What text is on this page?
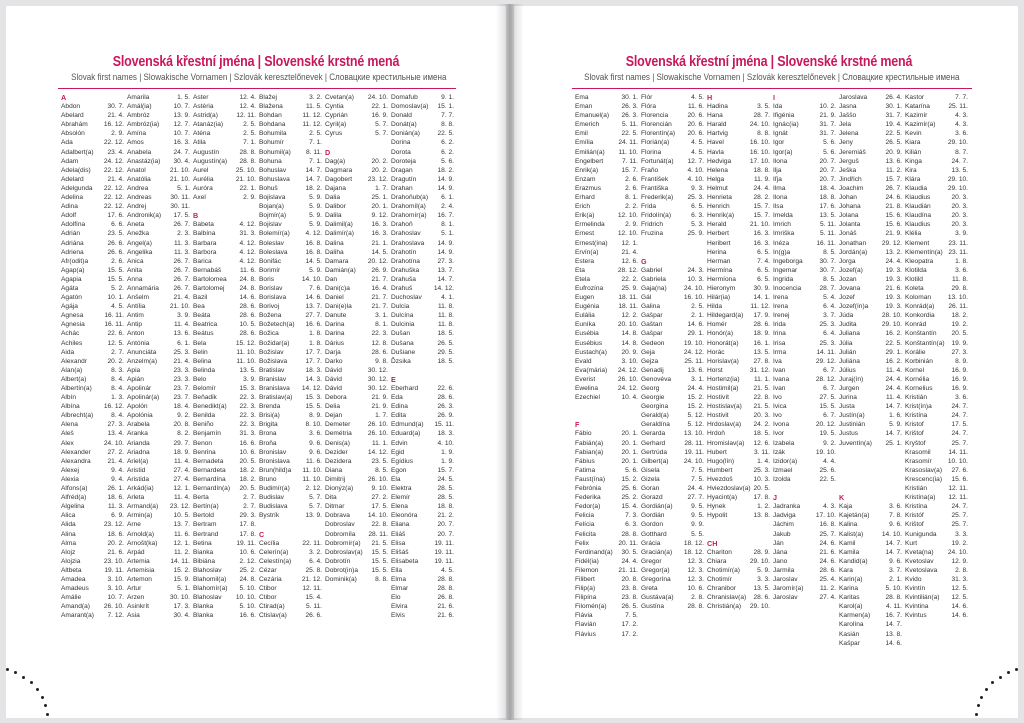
Slovenská křestní jména | Slovenské krstné mená
Slovak first names | Slowakische Vornamen | Szlovák keresztelőnevek | Словацкие крестильные имена
A
Abdon	30. 7.
Abelard	21. 4.
Abrahám	16. 12.
Absolón	2. 9.
Ada	22. 12.
Adalbert(a)	23. 4.
Adam	24. 12.
Adela(dis)	22. 12.
Adelard	21. 4.
Adelgunda	22. 12.
Adelina	22. 12.
Adina	22. 12.
Adolf	17. 6.
Adolfína	6. 6.
Adrián	23. 5.
Adriána	26. 6.
Adriena	26. 6.
Afr(odit)a	2. 6.
Agap(a)	15. 5.
Agapia	15. 5.
Agáta	5. 2.
Agatón	10. 1.
Agája	4. 5.
Agnesa	16. 11.
Agnesia	16. 11.
Achác	22. 6.
Achiles	12. 5.
Aida	2. 7.
Alexandr	20. 2.
Alan(a)	8. 3.
Albert(a)	8. 4.
Albertín(a)	8. 4.
Albín	1. 3.
Albína	16. 12.
Albrecht(a)	8. 4.
Alena	27. 3.
Aleš	13. 4.
Alex	24. 10.
Alexander	27. 2.
Alexandra	21. 4.
Alexej	9. 4.
Alexia	9. 4.
Alfons(a)	26. 1.
Alfréd(a)	18. 6.
Algelina	11. 3.
Alica	6. 9.
Alida	23. 12.
Alina	18. 6.
Alma	20. 2.
Alojz	21. 6.
Alojzia	23. 10.
Altbeta	19. 11.
Amadea	3. 10.
Amadeus	3. 10.
Amálie	10. 7.
Amand(a)	26. 10.
Amarant(a)	7. 12.
Amarila	1. 5.
Amál(ia)	10. 7.
Ambróz	13. 9.
Ambróz(ia)	12. 7.
Amína	10. 7.
Amos	16. 3.
Anabela	24. 7.
Anastáz(ia)	30. 4.
Anatol	21. 10.
Anatólia	21. 10.
Andrea	5. 1.
Andreas	30. 11.
Andrej	30. 11.
Andronik(a)	17. 5.
Aneta	26. 7.
Anežka	2. 3.
Angel(a)	11. 3.
Angelika	11. 3.
Anica	26. 7.
Anita	26. 7.
Anna	26. 7.
Annamária	26. 7.
Anšelm	21. 4.
Antília	21. 10.
Antim	3. 9.
Antip	11. 4.
Anton	13. 6.
Antónia	6. 1.
Anunciáta	25. 3.
Anzelm(a)	21. 4.
Apia	23. 3.
Apián	23. 3.
Apolinár	23. 7.
Apolinár(a)	23. 7.
Apolón	18. 4.
Apolónia	9. 2.
Arabela	20. 8.
Aranka	8. 2.
Arianda	29. 7.
Ariadna	18. 9.
Ariel(a)	11. 4.
Aristid	27. 4.
Aristida	27. 4.
Arkád(ia)	12. 1.
Arleta	11. 4.
Armand(a)	23. 12.
Armin(a)	10. 5.
Arne	13. 7.
Arnold(a)	11. 6.
Arnošt(ka)	12. 1.
Arpád	11. 2.
Artemia	14. 11.
Artemisia	15. 2.
Artemon	15. 9.
Artur	5. 1.
Arzen	30. 10.
Asinkrít	17. 3.
Asia	30. 4.
Aster	12. 4.
Astéria	12. 4.
Astrid(a)	12. 11.
Atanáz(ia)	2. 5.
Aténa	2. 5.
Atila	7. 1.
Augustín	28. 8.
Augustín(a)	28. 8.
Aurel	25. 10.
Aurélia	21. 10.
Auróra	22. 1.
Axel	2. 9.
B
Babeta	4. 12.
Balbína	31. 3.
Barbara	4. 12.
Barbora	4. 12.
Barica	4. 12.
Bernabáš	11. 6.
Bartolomea	24. 8.
Bartolomej	24. 8.
Bazil	14. 6.
Bea	28. 6.
Beáta	28. 6.
Beatrica	10. 5.
Beátus	28. 6.
Bela	15. 12.
Belin	11. 10.
Belina	11. 10.
Belinda	13. 5.
Belo	3. 9.
Belomír	15. 3.
Beňadik	22. 3.
Benedikt(a)	22. 3.
Benilda	22. 3.
Beniño	22. 3.
Benjamín	31. 3.
Benon	16. 6.
Benrina	10. 6.
Bernadeta	20. 5.
Bernardeta	18. 2.
Bernardína	18. 2.
Bernardín(a)	20. 5.
Berta	2. 7.
Bertín(a)	2. 7.
Bertold	29. 3.
Bertram	17. 8.
Bertrand	17. 8.
Betina	19. 11.
Bianka	10. 6.
Bibiána	2. 12.
Blahoslav	25. 2.
Blahomil(a)	24. 8.
Blahomír(a)	5. 10.
Blahoslav	10. 10.
Blanka	5. 10.
Blanka	16. 6.
Blažej	3. 2.
Blažena	11. 5.
Bohdan	11. 12.
Bohdana	11. 12.
Bohumila	2. 5.
Bohumír	7. 1.
Bohumil(a)	8. 11.
Bohuna	7. 1.
Bohuslav	14. 7.
Bohuslava	14. 7.
Bohuš	18. 2.
Bojislava	5. 9.
Bojan(a)	5. 9.
Bojmír(a)	5. 9.
Bojislav	5. 9.
Bolemír(a)	4. 12.
Boleslav	16. 8.
Boleslava	16. 8.
Bonifác	14. 5.
Borimír	5. 9.
Boris	14. 10.
Borislav	7. 6.
Borislava	14. 6.
Borivoj	13. 7.
Božena	27. 7.
Božetech(a)	16. 6.
Božica	1. 8.
Božidar(a)	1. 8.
Božislav	17. 7.
Božislava	17. 7.
Bratislav	18. 3.
Branislav	14. 3.
Branislava	14. 12.
Bratislav(a)	15. 3.
Brenda	15. 5.
Brisi(a)	8. 9.
Brigita	8. 10.
Brona	3. 6.
Broňa	9. 6.
Bronislav	9. 6.
Bronislava	11. 6.
Brun(hild)a	11. 10.
Bruno	11. 10.
Budimír(a)	2. 12.
Budislav	5. 7.
Budislava	5. 7.
Bystrík	13. 9.
C
Cecília	22. 11.
Celerín(a)	3. 2.
Celestín(a)	6. 4.
Cézar	25. 8.
Cezária	21. 12.
Ctibor	12. 11.
Ctibor	15. 4.
Ctirad(a)	5. 11.
Ctislav(a)	26. 6.
Cvetan(a)	24. 10.
Cyntia	22. 1.
Cyprián	16. 9.
Cyril(a)	5. 7.
Cyrus	5. 7.
D
Dag(a)	20. 2.
Dagmara	20. 2.
Dagobert	23. 12.
Dajana	1. 7.
Dalia	25. 1.
Dalibor	20. 1.
Dalila	9. 12.
Dalimil(a)	16. 3.
Dalimír(a)	16. 3.
Dalina	21. 1.
Daliha	14. 5.
Damara	20. 12.
Damián(a)	26. 9.
Dan	21. 7.
Dani(c)a	16. 4.
Daniel	21. 7.
Dani(e)la	21. 7.
Danute	3. 1.
Darina	8. 1.
Darina	22. 3.
Dárius	12. 8.
Darja	28. 6.
Darko	9. 8.
Dávid	30. 12.
Dávid	30. 12.
Dávid	30. 12.
Debora	21. 9.
Delia	21. 9.
Dejan	1. 7.
Demeter	26. 10.
Demétria	26. 10.
Denis(a)	11. 1.
Dezider	14. 12.
Dezidera	23. 5.
Diana	8. 5.
Dimitrij	26. 10.
Dionýz(a)	9. 10.
Dita	27. 2.
Ditmar	17. 5.
Dobrava	14. 10.
Dobroslav	22. 8.
Dobromíla	28. 11.
Dobromír(a)	21. 5.
Dobroslav(a)	15. 5.
Dobrotín	15. 5.
Dobrot(in)a	15. 5.
Dominik(a)	8. 8.
Domafub	9. 1.
Domoslav(a)	15. 1.
Donald	7. 7.
Donát(a)	8. 8.
Donián(a)	22. 5.
Dorina	6. 2.
Dorota	6. 2.
Doroteja	5. 6.
Dragan	18. 2.
Dragutín	14. 9.
Drahan	14. 9.
Drahoňub(a)	6. 1.
Drahomíl(a)	2. 4.
Drahomír(a)	16. 7.
Drahoň	8. 1.
Drahoslav	5. 1.
Drahoslava	14. 9.
Drahotín	14. 9.
Drahotína	27. 3.
Drahuška	13. 7.
Drahuša	14. 7.
Drahuš	14. 12.
Duchoslav	4. 1.
Dulcia	11. 8.
Dulcína	11. 8.
Dulcinia	11. 8.
Dušan	18. 5.
Dušana	26. 5.
Dušiane	29. 5.
Ďzsika	18. 5.
E
Eberhard	22. 6.
Eda	28. 6.
Edina	26. 3.
Edita	26. 9.
Edmund(a)	15. 11.
Eduard(a)	18. 3.
Edvin	4. 10.
Egid	1. 9.
Egídius	1. 9.
Egon	15. 7.
Ela	24. 5.
Elektra	28. 5.
Elemír	28. 5.
Elena	18. 8.
Eleonóra	21. 2.
Eliana	20. 7.
Eliáš	20. 7.
Elisa	19. 11.
Elišáš	19. 11.
Elisabeta	19. 11.
Ella	4. 5.
Elma	28. 8.
Elmar	28. 8.
Elo	26. 8.
Elvira	21. 6.
Elvis	21. 6.
Slovenská křestní jména | Slovenské krstné mená
Slovak first names | Slowakische Vornamen | Szlovák keresztelőnevek | Словацкие крестильные имена
Ema	30. 1.
Eman	26. 3.
Emanuel(a)	26. 3.
Emerich	5. 11.
Emil	22. 5.
Emília	24. 11.
Emilián(a)	11. 10.
Engelbert	7. 11.
Enrik(a)	15. 7.
Enzam	2. 6.
Erazmus	2. 6.
Erhard	8. 1.
Erich	2. 2.
Erik(a)	12. 10.
Ermelinda	2. 9.
Ernest	12. 10.
Ernest(ína)	12. 1.
Ervín(a)	21. 4.
Estera	12. 6.
Eta	28. 12.
Etela	22. 2.
Eufrozína	25. 9.
Eugen	18. 11.
Eugénia	18. 11.
Eulália	12. 2.
Euníka	20. 10.
Eusébia	14. 8.
Eusébius	14. 8.
Eustach(a)	20. 9.
Evald	3. 10.
Eva(mária)	24. 12.
Everist	26. 10.
Ewelina	24. 12.
Ezechiel	10. 4.
F
Fábio	20. 1.
Fabián(a)	20. 1.
Fabian(a)	20. 1.
Fábius	20. 1.
Fatima	5. 6.
Faust(ína)	15. 2.
Febrónia	25. 6.
Federika	25. 2.
Fedor(a)	15. 4.
Felicia	7. 3.
Felícia	6. 3.
Felicita	28. 8.
Felix	20. 11.
Ferdinand(a)	30. 5.
Fidél(ia)	24. 4.
Filemon	21. 11.
Filibert	20. 8.
Filip(a)	23. 8.
Filipína	23. 8.
Filomén(a)	26. 5.
Flávia	7. 5.
Flavián	17. 2.
Flávius	17. 2.
Flór	4. 5.
Flóra	11. 6.
Florencia	20. 6.
Florencián	20. 6.
Florentín(a)	20. 6.
Florián(a)	4. 5.
Florina	4. 5.
Fortunát(a)	12. 7.
Fraňo	4. 10.
František	4. 10.
Františka	9. 3.
Frederik(a)	25. 3.
Frida	6. 5.
Fridolín(a)	6. 3.
Fridrich	5. 3.
Fruzina	25. 9.
G
Gabriel	24. 3.
Gabriela	10. 3.
Gaja(na)	24. 10.
Gál	16. 10.
Galina	2. 5.
Gašpar	2. 1.
Gaštan	14. 6.
Gašpar	29. 1.
Gedeon	19. 10.
Geja	24. 12.
Gejza	25. 11.
Genadij	13. 6.
Genovéva	3. 1.
Georg	24. 4.
Georgie	15. 2.
Georgina	15. 2.
Gerald(a)	5. 12.
Geraldína	5. 12.
Gerarda	13. 10.
Gerhard	28. 11.
Gertrúda	19. 11.
Gilbert(a)	24. 10.
Gisela	7. 5.
Gizela	7. 5.
Goran	24. 4.
Gorazd	27. 7.
Gordián(a)	9. 5.
Gordián	9. 5.
Gordon	9. 9.
Gotthard	5. 5.
Grácia	18. 12.
Gracián(a)	18. 12.
Gregor	12. 3.
Gregor(a)	12. 3.
Gregorína	12. 3.
Greta	10. 6.
Gustáva(a)	2. 8.
Gustína	28. 8.
H
Hadina	3. 5.
Hana	28. 7.
Harald	24. 10.
Hartvig	8. 8.
Havel	16. 10.
Havla	16. 10.
Hedviga	17. 10.
Helena	18. 8.
Helga	11. 9.
Helmut	24. 4.
Henrieta	28. 2.
Henrich	15. 7.
Henrik(a)	15. 7.
Herald	21. 10.
Herbert	16. 3.
Heribert	16. 3.
Herina	6. 5.
Herman	7. 4.
Hermína	6. 5.
Hermíona	6. 5.
Hieronym	30. 9.
Hilár(ia)	14. 1.
Hilda	11. 12.
Hildegard(a)	17. 9.
Homér	28. 6.
Honór(a)	18. 9.
Honorát(a)	16. 1.
Horác	13. 5.
Horislav(a)	27. 8.
Horst	31. 12.
Hortenz(ia)	11. 1.
Hostimil(a)	21. 5.
Hostivít	22. 8.
Hostislav(a)	21. 5.
Hostivit	20. 3.
Hrdoslav(a)	24. 2.
Hrdoň	18. 5.
Hromislav(a)	12. 6.
Hubert	3. 11.
Hugo(lín)	1. 4.
Humbert	25. 3.
Hvezdoš	10. 3.
Hviezdoslav(a) 20. 5.
Hyacint(a)	17. 8.
Hynek	1. 2.
Hypolit	13. 8.
CH
Chariton	28. 9.
Chiara	29. 10.
Chotimír(a)	5. 9.
Chotimír	3. 3.
Chranibor	13. 5.
Chranislav(a)	28. 6.
Christián(a)	29. 10.
I
Ida	10. 2.
Ifigénia	21. 9.
Ignác(ia)	31. 7.
Ignát	31. 7.
Igor	5. 6.
Igor(a)	5. 6.
Ilona	20. 7.
Ilja	20. 7.
Iľja	20. 7.
Ilma	18. 4.
Ilona	18. 8.
Ilsa	17. 6.
Imelda	13. 5.
Imrich	5. 11.
Imriška	5. 11.
Inéza	16. 11.
In(g)a	8. 5.
Ingeborga	30. 7.
Ingemar	30. 7.
Ingrida	8. 5.
Inocencia	28. 7.
Irena	5. 4.
Irena	6. 4.
Irenej	3. 7.
Irida	25. 3.
Irina	6. 4.
Irisa	25. 3.
Irma	14. 11.
Iva	29. 12.
Ivan	6. 7.
Ivana	28. 12.
Ivan	6. 7.
Ivo	27. 5.
Ivica	15. 5.
Ivo	6. 7.
Ivona	20. 12.
Ivor	19. 5.
Izabela	9. 2.
Izák	19. 10.
Izidor(a)	4. 4.
Izmael	25. 6.
Izolda	22. 5.
J
Jadranka	4. 3.
Jadviga	17. 10.
Jáchim	16. 8.
Jakub	25. 7.
Ján	24. 6.
Jána	21. 6.
Jano	24. 6.
Jarmila	28. 6.
Jaroslav	25. 4.
Jaromír(a)	11. 2.
Jaroslav	27. 4.
Jaroslava	26. 4.
Jasna	30. 1.
Jaššo	31. 7.
Jela	19. 4.
Jelena	22. 5.
Jeny	26. 5.
Jeremiáš	20. 9.
Jerguš	13. 6.
Ješka	11. 2.
Jindřich	15. 7.
Joachim	26. 7.
Johan	24. 6.
Johana	21. 8.
Jolana	15. 6.
Jolanta	15. 6.
Jonáš	21. 9.
Jonathan	29. 12.
Jordán(a)	13. 2.
Jorga	24. 4.
Jozef(a)	19. 3.
Jozan	19. 3.
Jovana	21. 6.
Jozef	19. 3.
Jozef(ín)a	19. 3.
Júda	28. 10.
Judita	29. 10.
Juliana	16. 2.
Júlia	22. 5.
Julián	29. 1.
Juliána	16. 2.
Július	11. 4.
Juraj(ín)	24. 4.
Jurgen	24. 4.
Jurina	11. 4.
Justa	14. 7.
Justín(a)	1. 6.
Justinián	5. 9.
Justus	14. 7.
Juventín(a)	25. 1.
K
Kaja	3. 6.
Kajetán(a)	7. 8.
Kalina	9. 6.
Kalist(a)	14. 10.
Kamil	14. 7.
Kamila	14. 7.
Kandid(a)	9. 6.
Kara	3. 7.
Karin(a)	2. 1.
Karina	5. 10.
Karitas	28. 8.
Karol(a)	4. 11.
Karmen(a)	16. 7.
Karolína	14. 7.
Kasián	13. 8.
Kašpar	14. 6.
Kastor	7. 7.
Katarína	25. 11.
Kazimír	4. 3.
Kazimír(a)	4. 3.
Kevin	3. 6.
Kiara	29. 10.
Kilián	8. 7.
Kinga	24. 7.
Kira	13. 5.
Klára	29. 10.
Klaudia	29. 10.
Klaudius	20. 3.
Klaudián	20. 3.
Klaudína	20. 3.
Klaudius	20. 3.
Klélia	3. 9.
Klement	23. 11.
Klementín(a) 23. 11.
Kleopatra	1. 8.
Klotilda	3. 6.
Klotild	11. 8.
Koleta	29. 8.
Koloman	13. 10.
Konrád(a)	26. 11.
Konkordia	18. 2.
Konrád	19. 2.
Konštantín	20. 5.
Konštantín(a)	19. 9.
Korálie	27. 3.
Korbinián	8. 9.
Kornel	16. 9.
Kornélia	16. 9.
Kornelius	16. 9.
Kristián	3. 6.
Krist(ín)a	24. 7.
Kristína	24. 7.
Kristof	17. 5.
Krištof	24. 7.
Kryštof	25. 7.
Krasomil	14. 11.
Krasomír	10. 10.
Krasoslav(a)	27. 6.
Krescenc(ia)	15. 6.
Kristián	12. 11.
Kristína(a)	12. 11.
Kristína	24. 7.
Kristóf	25. 7.
Krištof	25. 7.
Kunigunda	3. 3.
Kurt	19. 2.
Kveta(na)	24. 10.
Kvetoslav	12. 9.
Kvetoslava	2. 8.
Kvido	31. 3.
Kvintín	12. 5.
Kvintilián(a)	12. 5.
Kvintina	14. 6.
Kvintus	14. 6.
